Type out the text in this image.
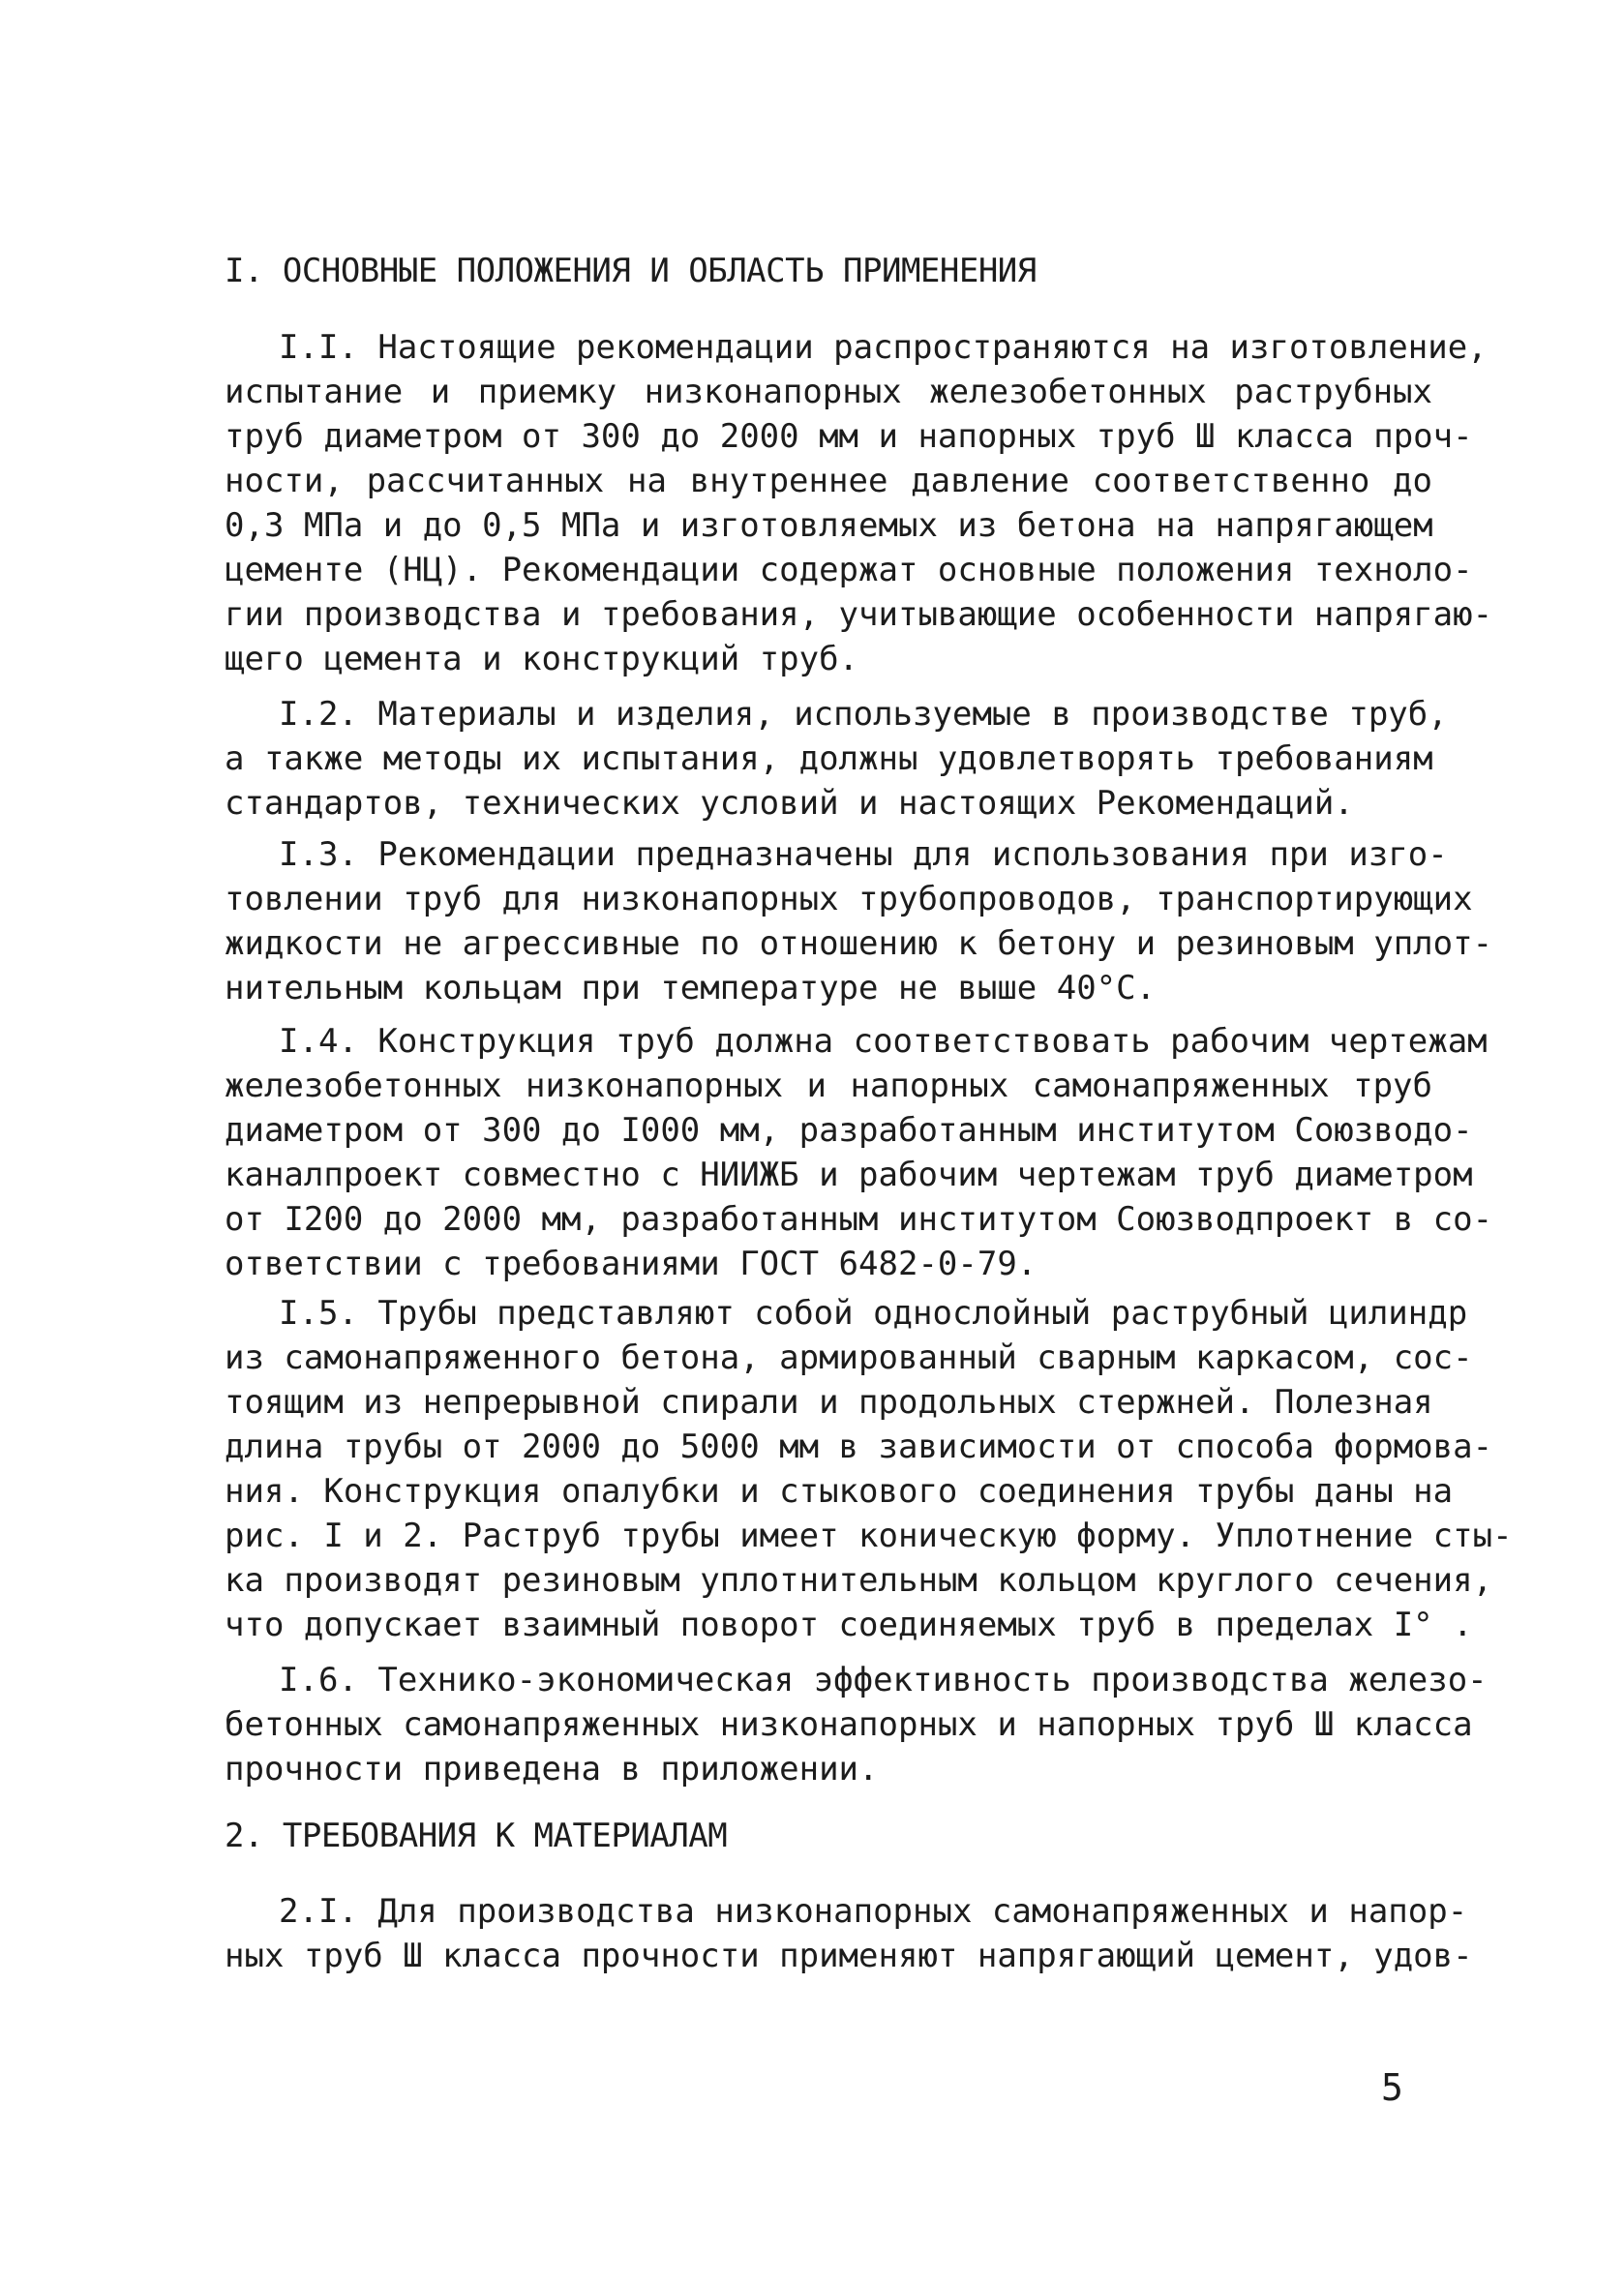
I. ОСНОВНЫЕ ПОЛОЖЕНИЯ И ОБЛАСТЬ ПРИМЕНЕНИЯ
I.I. Настоящие рекомендации распространяются на изготовление,
испытание и приемку низконапорных железобетонных раструбных
труб диаметром от 300 до 2000 мм и напорных труб Ш класса проч-
ности, рассчитанных на внутреннее давление соответственно до
0,3 МПа и до 0,5 МПа и изготовляемых из бетона на напрягающем
цементе (НЦ). Рекомендации содержат основные положения техноло-
гии производства и требования, учитывающие особенности напрягаю-
щего цемента и конструкций труб.
I.2. Материалы и изделия, используемые в производстве труб,
а также методы их испытания, должны удовлетворять требованиям
стандартов, технических условий и настоящих Рекомендаций.
I.3. Рекомендации предназначены для использования при изго-
товлении труб для низконапорных трубопроводов, транспортирующих
жидкости не агрессивные по отношению к бетону и резиновым уплот-
нительным кольцам при температуре не выше 40°С.
I.4. Конструкция труб должна соответствовать рабочим чертежам
железобетонных низконапорных и напорных самонапряженных труб
диаметром от 300 до I000 мм, разработанным институтом Союзводо-
каналпроект совместно с НИИЖБ и рабочим чертежам труб диаметром
от I200 до 2000 мм, разработанным институтом Союзводпроект в со-
ответствии с требованиями ГОСТ 6482-0-79.
I.5. Трубы представляют собой однослойный раструбный цилиндр
из самонапряженного бетона, армированный сварным каркасом, сос-
тоящим из непрерывной спирали и продольных стержней. Полезная
длина трубы от 2000 до 5000 мм в зависимости от способа формова-
ния. Конструкция опалубки и стыкового соединения трубы даны на
рис. I и 2. Раструб трубы имеет коническую форму. Уплотнение сты-
ка производят резиновым уплотнительным кольцом круглого сечения,
что допускает взаимный поворот соединяемых труб в пределах I° .
I.6. Технико-экономическая эффективность производства железо-
бетонных самонапряженных низконапорных и напорных труб Ш класса
прочности приведена в приложении.
2. ТРЕБОВАНИЯ К МАТЕРИАЛАМ
2.I. Для производства низконапорных самонапряженных и напор-
ных труб Ш класса прочности применяют напрягающий цемент, удов-
5
